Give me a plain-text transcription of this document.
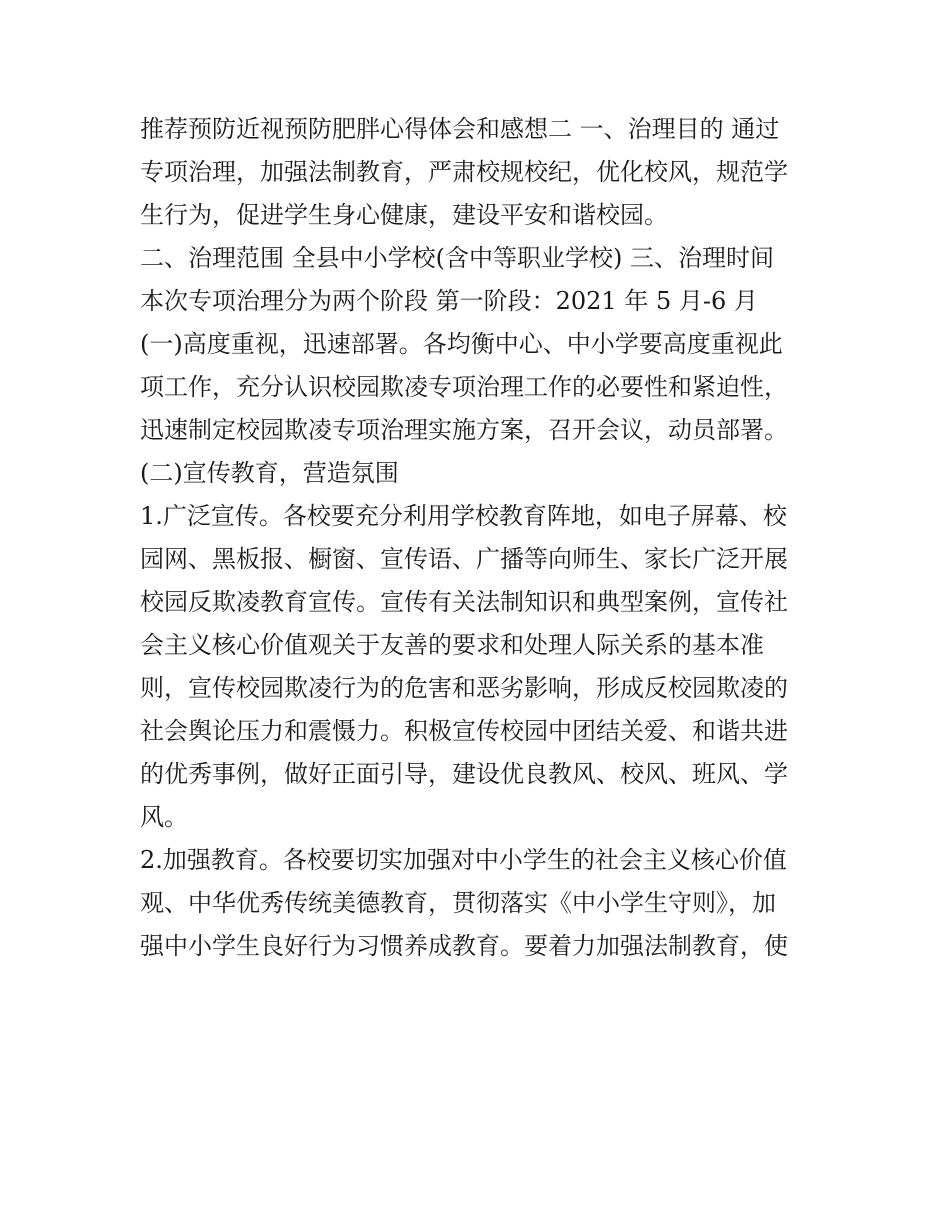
推荐预防近视预防肥胖心得体会和感想二 一、治理目的 通过
专项治理，加强法制教育，严肃校规校纪，优化校风，规范学
生行为，促进学生身心健康，建设平安和谐校园。
二、治理范围 全县中小学校(含中等职业学校) 三、治理时间
本次专项治理分为两个阶段 第一阶段：2021 年 5 月-6 月
(一)高度重视，迅速部署。各均衡中心、中小学要高度重视此
项工作，充分认识校园欺凌专项治理工作的必要性和紧迫性，
迅速制定校园欺凌专项治理实施方案，召开会议，动员部署。
(二)宣传教育，营造氛围
1.广泛宣传。各校要充分利用学校教育阵地，如电子屏幕、校
园网、黑板报、橱窗、宣传语、广播等向师生、家长广泛开展
校园反欺凌教育宣传。宣传有关法制知识和典型案例，宣传社
会主义核心价值观关于友善的要求和处理人际关系的基本准
则，宣传校园欺凌行为的危害和恶劣影响，形成反校园欺凌的
社会舆论压力和震慑力。积极宣传校园中团结关爱、和谐共进
的优秀事例，做好正面引导，建设优良教风、校风、班风、学
风。
2.加强教育。各校要切实加强对中小学生的社会主义核心价值
观、中华优秀传统美德教育，贯彻落实《中小学生守则》，加
强中小学生良好行为习惯养成教育。要着力加强法制教育，使
